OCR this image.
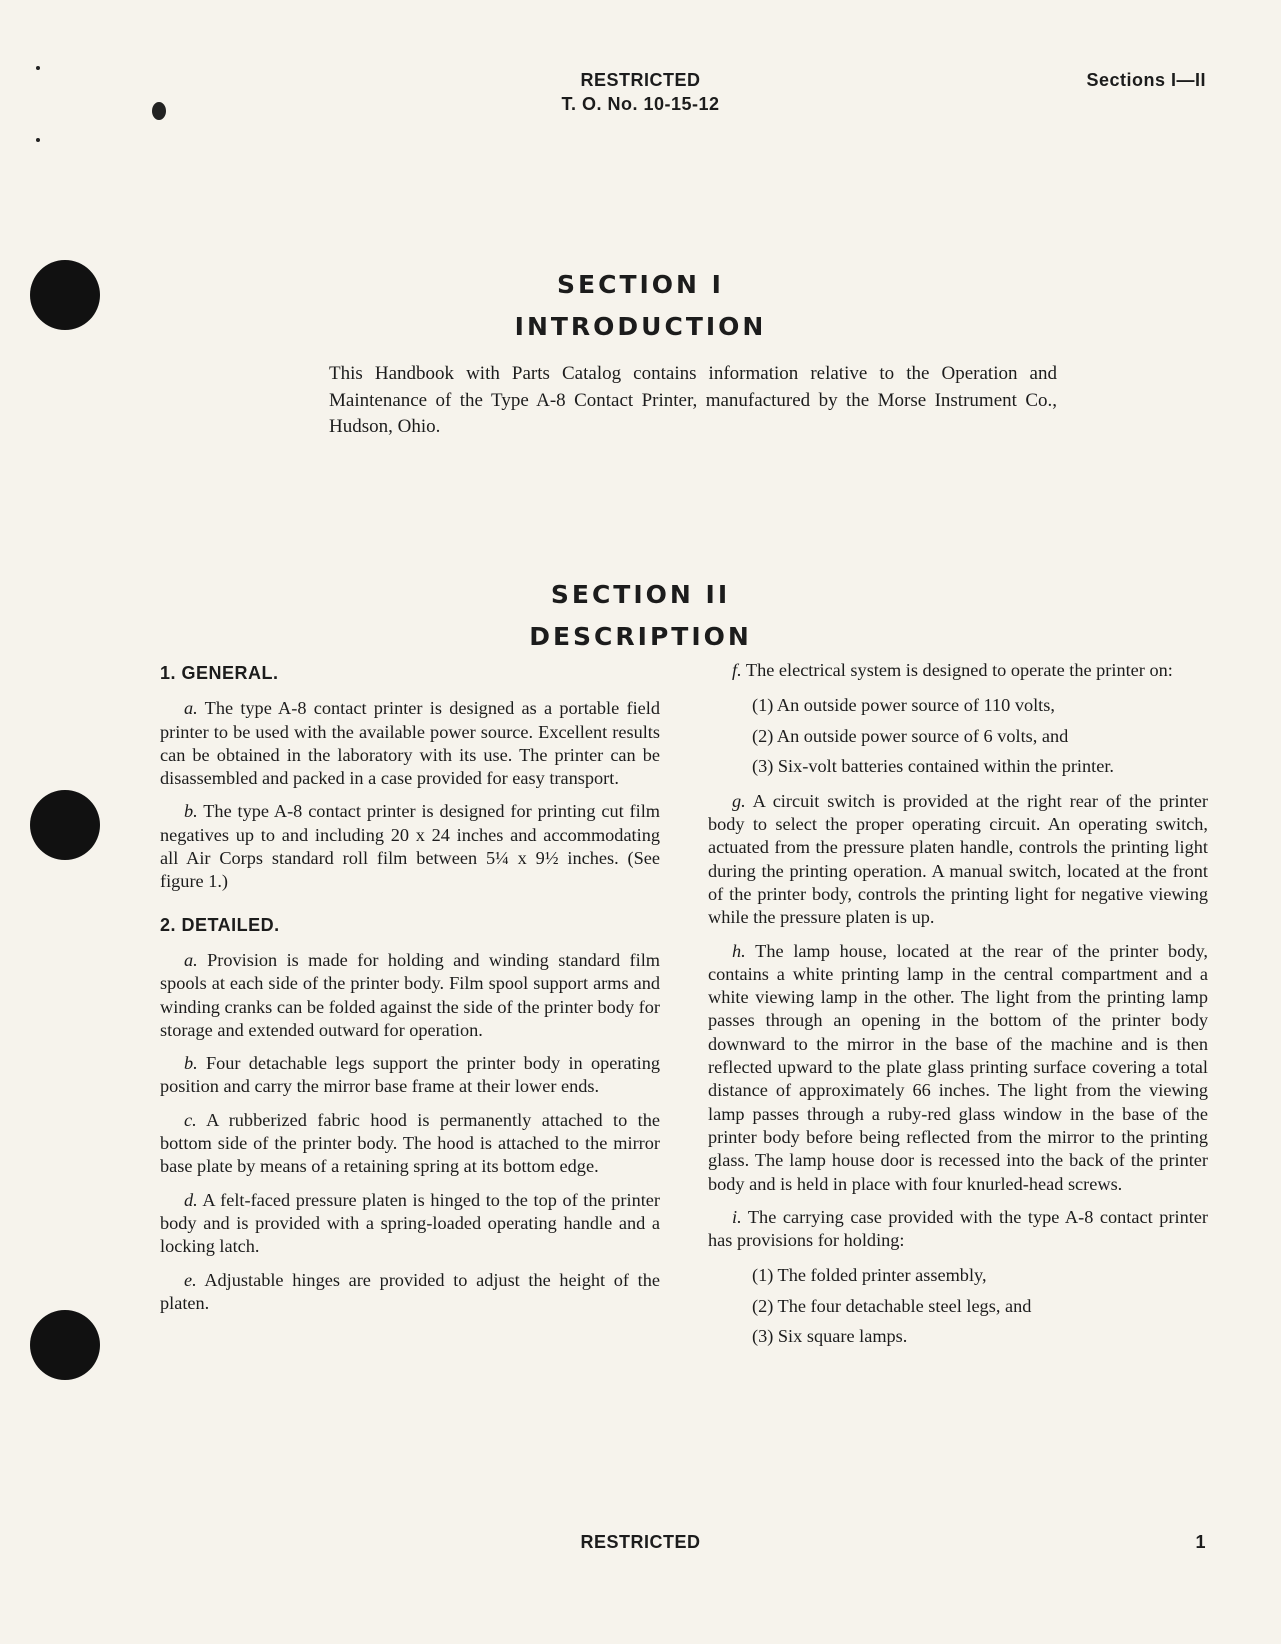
RESTRICTED
T. O. No. 10-15-12
Sections I—II
SECTION I
INTRODUCTION
This Handbook with Parts Catalog contains information relative to the Operation and Maintenance of the Type A-8 Contact Printer, manufactured by the Morse Instrument Co., Hudson, Ohio.
SECTION II
DESCRIPTION
1. GENERAL.

a. The type A-8 contact printer is designed as a portable field printer to be used with the available power source. Excellent results can be obtained in the laboratory with its use. The printer can be disassembled and packed in a case provided for easy transport.

b. The type A-8 contact printer is designed for printing cut film negatives up to and including 20 x 24 inches and accommodating all Air Corps standard roll film between 5¼ x 9½ inches. (See figure 1.)

2. DETAILED.

a. Provision is made for holding and winding standard film spools at each side of the printer body. Film spool support arms and winding cranks can be folded against the side of the printer body for storage and extended outward for operation.

b. Four detachable legs support the printer body in operating position and carry the mirror base frame at their lower ends.

c. A rubberized fabric hood is permanently attached to the bottom side of the printer body. The hood is attached to the mirror base plate by means of a retaining spring at its bottom edge.

d. A felt-faced pressure platen is hinged to the top of the printer body and is provided with a spring-loaded operating handle and a locking latch.

e. Adjustable hinges are provided to adjust the height of the platen.

f. The electrical system is designed to operate the printer on:

(1) An outside power source of 110 volts,
(2) An outside power source of 6 volts, and
(3) Six-volt batteries contained within the printer.

g. A circuit switch is provided at the right rear of the printer body to select the proper operating circuit. An operating switch, actuated from the pressure platen handle, controls the printing light during the printing operation. A manual switch, located at the front of the printer body, controls the printing light for negative viewing while the pressure platen is up.

h. The lamp house, located at the rear of the printer body, contains a white printing lamp in the central compartment and a white viewing lamp in the other. The light from the printing lamp passes through an opening in the bottom of the printer body downward to the mirror in the base of the machine and is then reflected upward to the plate glass printing surface covering a total distance of approximately 66 inches. The light from the viewing lamp passes through a ruby-red glass window in the base of the printer body before being reflected from the mirror to the printing glass. The lamp house door is recessed into the back of the printer body and is held in place with four knurled-head screws.

i. The carrying case provided with the type A-8 contact printer has provisions for holding:

(1) The folded printer assembly,
(2) The four detachable steel legs, and
(3) Six square lamps.
RESTRICTED	1
